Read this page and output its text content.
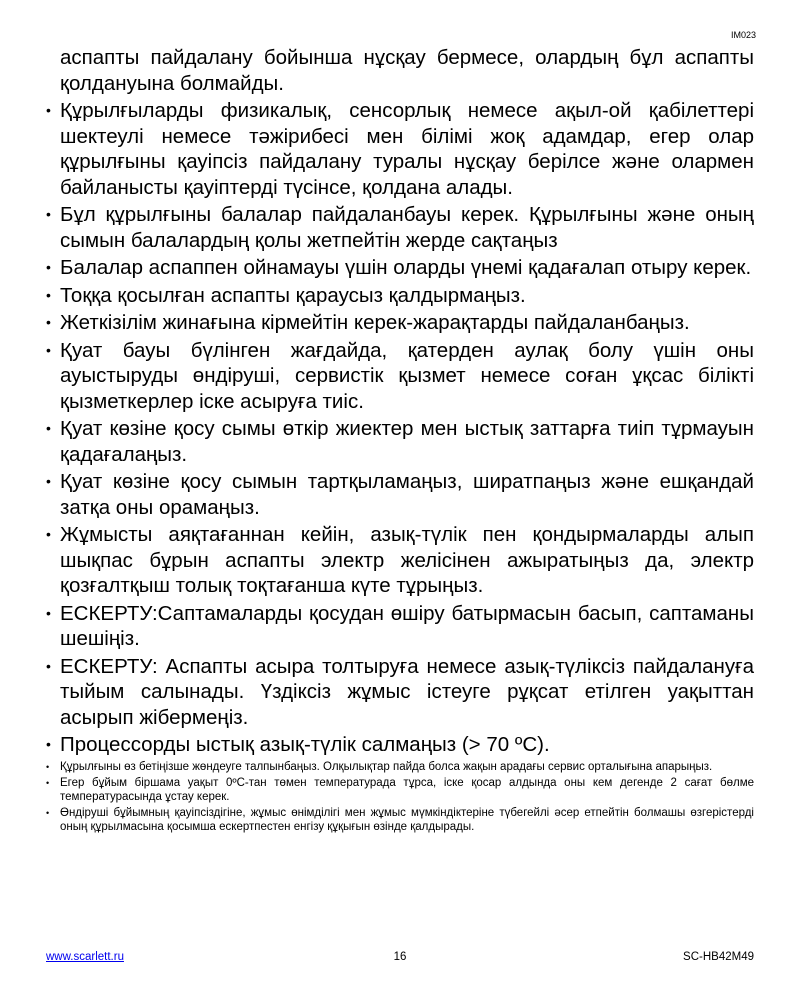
IM023

аспапты пайдалану бойынша нұсқау бермесе, олардың бұл аспапты қолдануына болмайды.

• Құрылғыларды физикалық, сенсорлық немесе ақыл-ой қабілеттері шектеулі немесе тәжірибесі мен білімі жоқ адамдар, егер олар құрылғыны қауіпсіз пайдалану туралы нұсқау берілсе және олармен байланысты қауіптерді түсінсе, қолдана алады.
• Бұл құрылғыны балалар пайдаланбауы керек. Құрылғыны және оның сымын балалардың қолы жетпейтін жерде сақтаңыз
• Балалар аспаппен ойнамауы үшін оларды үнемі қадағалап отыру керек.
• Тоққа қосылған аспапты қараусыз қалдырмаңыз.
• Жеткізілім жинағына кірмейтін керек-жарақтарды пайдаланбаңыз.
• Қуат бауы бүлінген жағдайда, қатерден аулақ болу үшін оны ауыстыруды өндіруші, сервистік қызмет немесе соған ұқсас білікті қызметкерлер іске асыруға тиіс.
• Қуат көзіне қосу сымы өткір жиектер мен ыстық заттарға тиіп тұрмауын қадағалаңыз.
• Қуат көзіне қосу сымын тартқыламаңыз, ширатпаңыз және ешқандай затқа оны орамаңыз.
• Жұмысты аяқтағаннан кейін, азық-түлік пен қондырмаларды алып шықпас бұрын аспапты электр желісінен ажыратыңыз да, электр қозғалтқыш толық тоқтағанша күте тұрыңыз.
• ЕСКЕРТУ:Саптамаларды қосудан өшіру батырмасын басып, саптаманы шешіңіз.
• ЕСКЕРТУ: Аспапты асыра толтыруға немесе азық-түліксіз пайдалануға тыйым салынады. Үздіксіз жұмыс істеуге рұқсат етілген уақыттан асырып жібермеңіз.
• Процессорды ыстық азық-түлік салмаңыз (> 70 ºC).
• Құрылғыны өз бетіңізше жөндеуге талпынбаңыз. Олқылықтар пайда болса жақын арадағы сервис орталығына апарыңыз.
• Егер бұйым біршама уақыт 0ºC-тан төмен температурада тұрса, іске қосар алдында оны кем дегенде 2 сағат бөлме температурасында ұстау керек.
• Өндіруші бұйымның қауіпсіздігіне, жұмыс өнімділігі мен жұмыс мүмкіндіктеріне түбегейлі әсер етпейтін болмашы өзгерістерді оның құрылмасына қосымша ескертпестен енгізу құқығын өзінде қалдырады.
www.scarlett.ru	16	SC-HB42M49
